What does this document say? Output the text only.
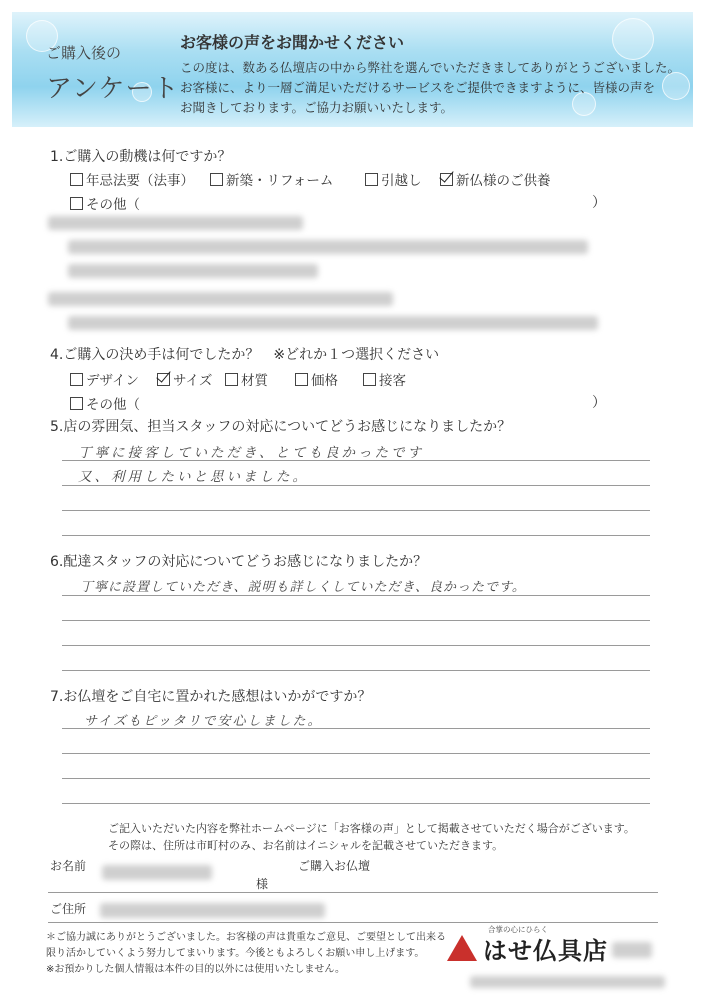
ご購入後の
アンケート
お客様の声をお聞かせください
この度は、数ある仏壇店の中から弊社を選んでいただきましてありがとうございました。
お客様に、より一層ご満足いただけるサービスをご提供できますように、皆様の声を
お聞きしております。ご協力お願いいたします。
1.ご購入の動機は何ですか？
年忌法要（法事）	新築・リフォーム	引越し	新仏様のご供養
その他（	）
4.ご購入の決め手は何でしたか？　※どれか１つ選択ください
デザイン	サイズ	材質	価格	接客
その他（	）
5.店の雰囲気、担当スタッフの対応についてどうお感じになりましたか？
丁寧に接客していただき、とても良かったです
又、利用したいと思いました。
6.配達スタッフの対応についてどうお感じになりましたか？
丁寧に設置していただき、説明も詳しくしていただき、良かったです。
7.お仏壇をご自宅に置かれた感想はいかがですか？
サイズもピッタリで安心しました。
ご記入いただいた内容を弊社ホームページに「お客様の声」として掲載させていただく場合がございます。
その際は、住所は市町村のみ、お名前はイニシャルを記載させていただきます。
お名前
様
ご購入お仏壇
ご住所
＊ご協力誠にありがとうございました。お客様の声は貴重なご意見、ご要望として出来る
限り活かしていくよう努力してまいります。今後ともよろしくお願い申し上げます。
※お預かりした個人情報は本件の目的以外には使用いたしません。
合掌の心にひらく
はせ仏具店
